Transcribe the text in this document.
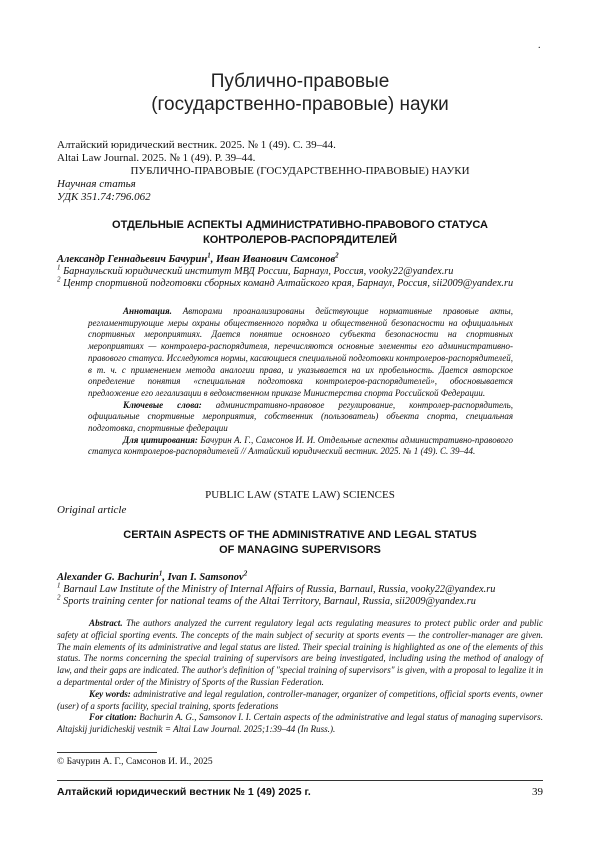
.
Публично-правовые
(государственно-правовые) науки
Алтайский юридический вестник. 2025. № 1 (49). С. 39–44.
Altai Law Journal. 2025. № 1 (49). P. 39–44.
ПУБЛИЧНО-ПРАВОВЫЕ (ГОСУДАРСТВЕННО-ПРАВОВЫЕ) НАУКИ
Научная статья
УДК 351.74:796.062
ОТДЕЛЬНЫЕ АСПЕКТЫ АДМИНИСТРАТИВНО-ПРАВОВОГО СТАТУСА
КОНТРОЛЕРОВ-РАСПОРЯДИТЕЛЕЙ
Александр Геннадьевич Бачурин1, Иван Иванович Самсонов2
1 Барнаульский юридический институт МВД России, Барнаул, Россия, vooky22@yandex.ru
2 Центр спортивной подготовки сборных команд Алтайского края, Барнаул, Россия, sii2009@yandex.ru

Аннотация. Авторами проанализированы действующие нормативные правовые акты, регламентирующие меры охраны общественного порядка и общественной безопасности на официальных спортивных мероприятиях. Дается понятие основного субъекта безопасности на спортивных мероприятиях — контролера-распорядителя, перечисляются основные элементы его административно-правового статуса. Исследуются нормы, касающиеся специальной подготовки контролеров-распорядителей, в т. ч. с применением метода аналогии права, и указывается на их пробельность. Дается авторское определение понятия «специальная подготовка контролеров-распорядителей», обосновывается предложение его легализации в ведомственном приказе Министерства спорта Российской Федерации.

Ключевые слова: административно-правовое регулирование, контролер-распорядитель, официальные спортивные мероприятия, собственник (пользователь) объекта спорта, специальная подготовка, спортивные федерации

Для цитирования: Бачурин А. Г., Самсонов И. И. Отдельные аспекты административно-правового статуса контролеров-распорядителей // Алтайский юридический вестник. 2025. № 1 (49). С. 39–44.

PUBLIC LAW (STATE LAW) SCIENCES
Original article
CERTAIN ASPECTS OF THE ADMINISTRATIVE AND LEGAL STATUS
OF MANAGING SUPERVISORS
Alexander G. Bachurin1, Ivan I. Samsonov2
1 Barnaul Law Institute of the Ministry of Internal Affairs of Russia, Barnaul, Russia, vooky22@yandex.ru
2 Sports training center for national teams of the Altai Territory, Barnaul, Russia, sii2009@yandex.ru

Abstract. The authors analyzed the current regulatory legal acts regulating measures to protect public order and public safety at official sporting events. The concepts of the main subject of security at sports events — the controller-manager are given. The main elements of its administrative and legal status are listed. Their special training is highlighted as one of the elements of this status. The norms concerning the special training of supervisors are being investigated, including using the method of analogy of law, and their gaps are indicated. The author's definition of "special training of supervisors" is given, with a proposal to legalize it in a departmental order of the Ministry of Sports of the Russian Federation.

Key words: administrative and legal regulation, controller-manager, organizer of competitions, official sports events, owner (user) of a sports facility, special training, sports federations

For citation: Bachurin A. G., Samsonov I. I. Certain aspects of the administrative and legal status of managing supervisors. Altajskij juridicheskij vestnik = Altai Law Journal. 2025;1:39–44 (In Russ.).

© Бачурин А. Г., Самсонов И. И., 2025
Алтайский юридический вестник № 1 (49) 2025 г.	39
